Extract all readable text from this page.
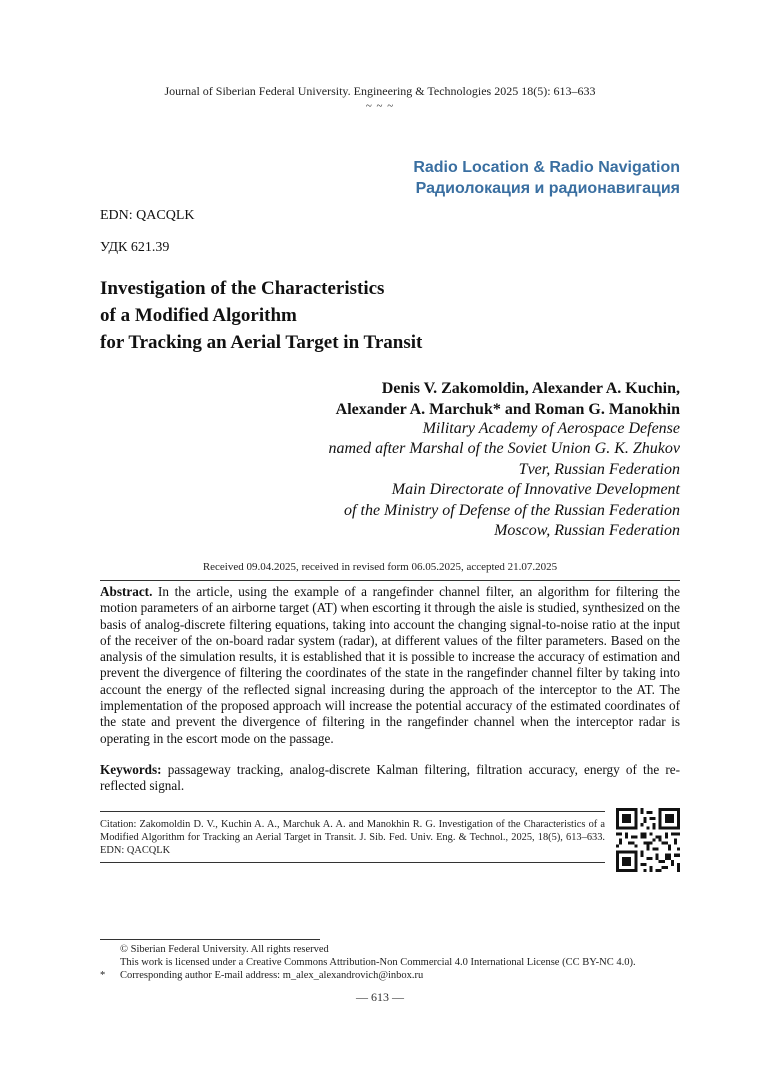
Journal of Siberian Federal University. Engineering & Technologies 2025 18(5): 613–633
~ ~ ~
Radio Location & Radio Navigation
Радиолокация и радионавигация
EDN: QACQLK
УДК 621.39
Investigation of the Characteristics
of a Modified Algorithm
for Tracking an Aerial Target in Transit
Denis V. Zakomoldin, Alexander A. Kuchin,
Alexander A. Marchuk* and Roman G. Manokhin
Military Academy of Aerospace Defense
named after Marshal of the Soviet Union G. K. Zhukov
Tver, Russian Federation
Main Directorate of Innovative Development
of the Ministry of Defense of the Russian Federation
Moscow, Russian Federation
Received 09.04.2025, received in revised form 06.05.2025, accepted 21.07.2025
Abstract. In the article, using the example of a rangefinder channel filter, an algorithm for filtering the motion parameters of an airborne target (AT) when escorting it through the aisle is studied, synthesized on the basis of analog-discrete filtering equations, taking into account the changing signal-to-noise ratio at the input of the receiver of the on-board radar system (radar), at different values of the filter parameters. Based on the analysis of the simulation results, it is established that it is possible to increase the accuracy of estimation and prevent the divergence of filtering the coordinates of the state in the rangefinder channel filter by taking into account the energy of the reflected signal increasing during the approach of the interceptor to the AT. The implementation of the proposed approach will increase the potential accuracy of the estimated coordinates of the state and prevent the divergence of filtering in the rangefinder channel when the interceptor radar is operating in the escort mode on the passage.
Keywords: passageway tracking, analog-discrete Kalman filtering, filtration accuracy, energy of the re-reflected signal.
Citation: Zakomoldin D. V., Kuchin A. A., Marchuk A. A. and Manokhin R. G. Investigation of the Characteristics of a Modified Algorithm for Tracking an Aerial Target in Transit. J. Sib. Fed. Univ. Eng. & Technol., 2025, 18(5), 613–633. EDN: QACQLK
© Siberian Federal University. All rights reserved
This work is licensed under a Creative Commons Attribution-Non Commercial 4.0 International License (CC BY-NC 4.0).
* Corresponding author E-mail address: m_alex_alexandrovich@inbox.ru
— 613 —
